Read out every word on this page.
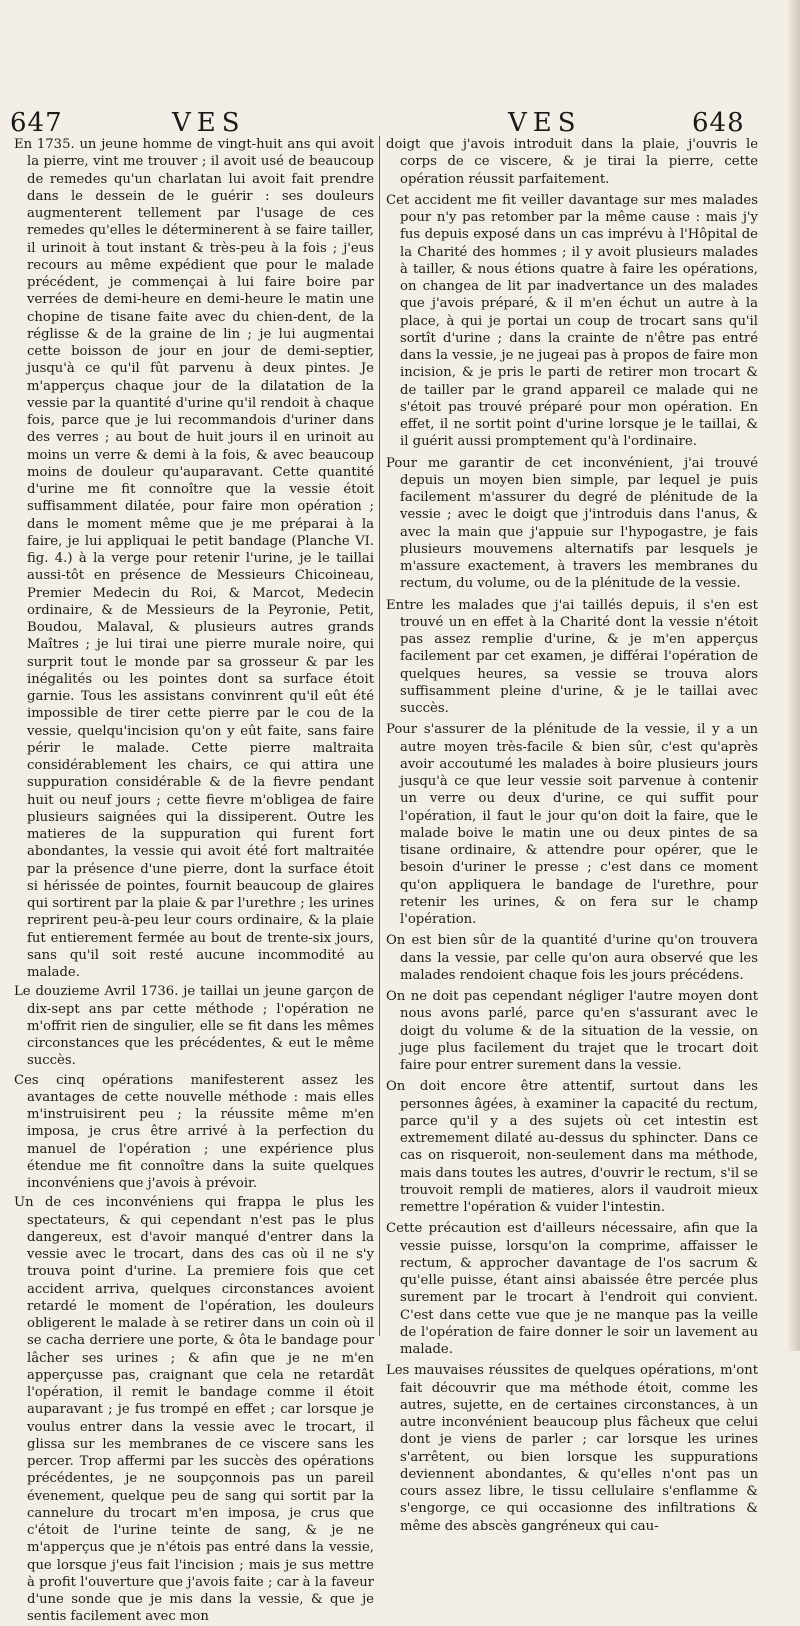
647	VES	VES	648

En 1735. un jeune homme de vingt-huit ans qui avoit la pierre, vint me trouver ; il avoit usé de beaucoup de remedes qu'un charlatan lui avoit fait prendre dans le dessein de le guérir : ses douleurs augmenterent tellement par l'usage de ces remedes qu'elles le déterminerent à se faire tailler, il urinoit à tout instant & très-peu à la fois ; j'eus recours au même expédient que pour le malade précédent, je commençai à lui faire boire par verrées de demi-heure en demi-heure le matin une chopine de tisane faite avec du chien-dent, de la réglisse & de la graine de lin ; je lui augmentai cette boisson de jour en jour de demi-septier, jusqu'à ce qu'il fût parvenu à deux pintes. Je m'apperçus chaque jour de la dilatation de la vessie par la quantité d'urine qu'il rendoit à chaque fois, parce que je lui recommandois d'uriner dans des verres ; au bout de huit jours il en urinoit au moins un verre & demi à la fois, & avec beaucoup moins de douleur qu'auparavant. Cette quantité d'urine me fit connoître que la vessie étoit suffisamment dilatée, pour faire mon opération ; dans le moment même que je me préparai à la faire, je lui appliquai le petit bandage (Planche VI. fig. 4.) à la verge pour retenir l'urine, je le taillai aussi-tôt en présence de Messieurs Chicoineau, Premier Medecin du Roi, & Marcot, Medecin ordinaire, & de Messieurs de la Peyronie, Petit, Boudou, Malaval, & plusieurs autres grands Maîtres ; je lui tirai une pierre murale noire, qui surprit tout le monde par sa grosseur & par les inégalités ou les pointes dont sa surface étoit garnie. Tous les assistans convinrent qu'il eût été impossible de tirer cette pierre par le cou de la vessie, quelqu'incision qu'on y eût faite, sans faire périr le malade. Cette pierre maltraita considérablement les chairs, ce qui attira une suppuration considérable & de la fievre pendant huit ou neuf jours ; cette fievre m'obligea de faire plusieurs saignées qui la dissiperent. Outre les matieres de la suppuration qui furent fort abondantes, la vessie qui avoit été fort maltraitée par la présence d'une pierre, dont la surface étoit si hérissée de pointes, fournit beaucoup de glaires qui sortirent par la plaie & par l'urethre ; les urines reprirent peu-à-peu leur cours ordinaire, & la plaie fut entierement fermée au bout de trente-six jours, sans qu'il soit resté aucune incommodité au malade.

Le douzieme Avril 1736. je taillai un jeune garçon de dix-sept ans par cette méthode ; l'opération ne m'offrit rien de singulier, elle se fit dans les mêmes circonstances que les précédentes, & eut le même succès.

Ces cinq opérations manifesterent assez les avantages de cette nouvelle méthode : mais elles m'instruisirent peu ; la réussite même m'en imposa, je crus être arrivé à la perfection du manuel de l'opération ; une expérience plus étendue me fit connoître dans la suite quelques inconvéniens que j'avois à prévoir.

Un de ces inconvéniens qui frappa le plus les spectateurs, & qui cependant n'est pas le plus dangereux, est d'avoir manqué d'entrer dans la vessie avec le trocart, dans des cas où il ne s'y trouva point d'urine. La premiere fois que cet accident arriva, quelques circonstances avoient retardé le moment de l'opération, les douleurs obligerent le malade à se retirer dans un coin où il se cacha derriere une porte, & ôta le bandage pour lâcher ses urines ; & afin que je ne m'en apperçusse pas, craignant que cela ne retardât l'opération, il remit le bandage comme il étoit auparavant ; je fus trompé en effet ; car lorsque je voulus entrer dans la vessie avec le trocart, il glissa sur les membranes de ce viscere sans les percer. Trop affermi par les succès des opérations précédentes, je ne soupçonnois pas un pareil évenement, quelque peu de sang qui sortit par la cannelure du trocart m'en imposa, je crus que c'étoit de l'urine teinte de sang, & je ne m'apperçus que je n'étois pas entré dans la vessie, que lorsque j'eus fait l'incision ; mais je sus mettre à profit l'ouverture que j'avois faite ; car à la faveur d'une sonde que je mis dans la vessie, & que je sentis facilement avec mon

doigt que j'avois introduit dans la plaie, j'ouvris le corps de ce viscere, & je tirai la pierre, cette opération réussit parfaitement.

Cet accident me fit veiller davantage sur mes malades pour n'y pas retomber par la même cause : mais j'y fus depuis exposé dans un cas imprévu à l'Hôpital de la Charité des hommes ; il y avoit plusieurs malades à tailler, & nous étions quatre à faire les opérations, on changea de lit par inadvertance un des malades que j'avois préparé, & il m'en échut un autre à la place, à qui je portai un coup de trocart sans qu'il sortît d'urine ; dans la crainte de n'être pas entré dans la vessie, je ne jugeai pas à propos de faire mon incision, & je pris le parti de retirer mon trocart & de tailler par le grand appareil ce malade qui ne s'étoit pas trouvé préparé pour mon opération. En effet, il ne sortit point d'urine lorsque je le taillai, & il guérit aussi promptement qu'à l'ordinaire.

Pour me garantir de cet inconvénient, j'ai trouvé depuis un moyen bien simple, par lequel je puis facilement m'assurer du degré de plénitude de la vessie ; avec le doigt que j'introduis dans l'anus, & avec la main que j'appuie sur l'hypogastre, je fais plusieurs mouvemens alternatifs par lesquels je m'assure exactement, à travers les membranes du rectum, du volume, ou de la plénitude de la vessie.

Entre les malades que j'ai taillés depuis, il s'en est trouvé un en effet à la Charité dont la vessie n'étoit pas assez remplie d'urine, & je m'en apperçus facilement par cet examen, je différai l'opération de quelques heures, sa vessie se trouva alors suffisamment pleine d'urine, & je le taillai avec succès.

Pour s'assurer de la plénitude de la vessie, il y a un autre moyen très-facile & bien sûr, c'est qu'après avoir accoutumé les malades à boire plusieurs jours jusqu'à ce que leur vessie soit parvenue à contenir un verre ou deux d'urine, ce qui suffit pour l'opération, il faut le jour qu'on doit la faire, que le malade boive le matin une ou deux pintes de sa tisane ordinaire, & attendre pour opérer, que le besoin d'uriner le presse ; c'est dans ce moment qu'on appliquera le bandage de l'urethre, pour retenir les urines, & on fera sur le champ l'opération.

On est bien sûr de la quantité d'urine qu'on trouvera dans la vessie, par celle qu'on aura observé que les malades rendoient chaque fois les jours précédens.

On ne doit pas cependant négliger l'autre moyen dont nous avons parlé, parce qu'en s'assurant avec le doigt du volume & de la situation de la vessie, on juge plus facilement du trajet que le trocart doit faire pour entrer surement dans la vessie.

On doit encore être attentif, surtout dans les personnes âgées, à examiner la capacité du rectum, parce qu'il y a des sujets où cet intestin est extremement dilaté au-dessus du sphincter. Dans ce cas on risqueroit, non-seulement dans ma méthode, mais dans toutes les autres, d'ouvrir le rectum, s'il se trouvoit rempli de matieres, alors il vaudroit mieux remettre l'opération & vuider l'intestin.

Cette précaution est d'ailleurs nécessaire, afin que la vessie puisse, lorsqu'on la comprime, affaisser le rectum, & approcher davantage de l'os sacrum & qu'elle puisse, étant ainsi abaissée être percée plus surement par le trocart à l'endroit qui convient. C'est dans cette vue que je ne manque pas la veille de l'opération de faire donner le soir un lavement au malade.

Les mauvaises réussites de quelques opérations, m'ont fait découvrir que ma méthode étoit, comme les autres, sujette, en de certaines circonstances, à un autre inconvénient beaucoup plus fâcheux que celui dont je viens de parler ; car lorsque les urines s'arrêtent, ou bien lorsque les suppurations deviennent abondantes, & qu'elles n'ont pas un cours assez libre, le tissu cellulaire s'enflamme & s'engorge, ce qui occasionne des infiltrations & même des abscès gangréneux qui cau-
